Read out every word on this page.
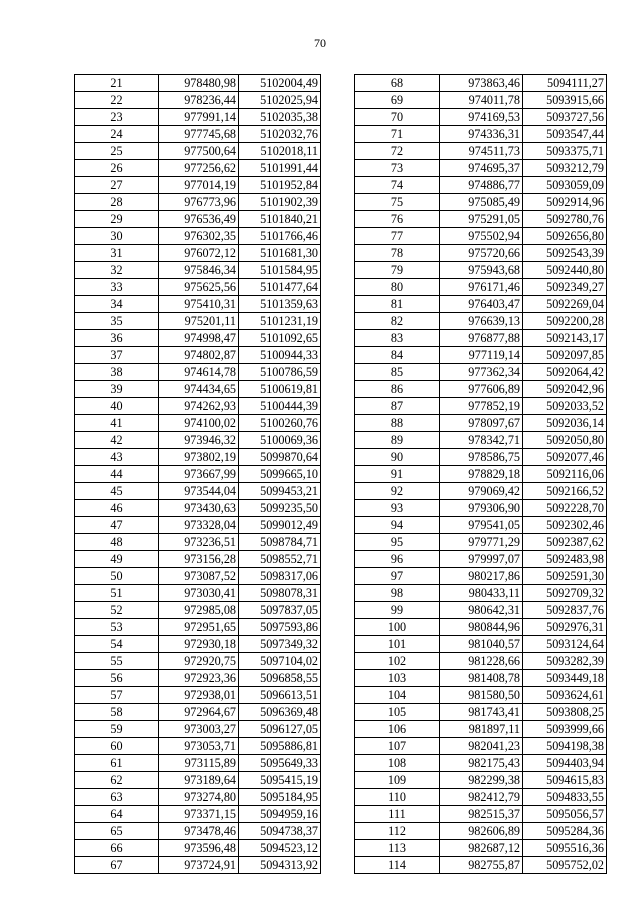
70
21	978480,98	5102004,49
22	978236,44	5102025,94
23	977991,14	5102035,38
24	977745,68	5102032,76
25	977500,64	5102018,11
26	977256,62	5101991,44
27	977014,19	5101952,84
28	976773,96	5101902,39
29	976536,49	5101840,21
30	976302,35	5101766,46
31	976072,12	5101681,30
32	975846,34	5101584,95
33	975625,56	5101477,64
34	975410,31	5101359,63
35	975201,11	5101231,19
36	974998,47	5101092,65
37	974802,87	5100944,33
38	974614,78	5100786,59
39	974434,65	5100619,81
40	974262,93	5100444,39
41	974100,02	5100260,76
42	973946,32	5100069,36
43	973802,19	5099870,64
44	973667,99	5099665,10
45	973544,04	5099453,21
46	973430,63	5099235,50
47	973328,04	5099012,49
48	973236,51	5098784,71
49	973156,28	5098552,71
50	973087,52	5098317,06
51	973030,41	5098078,31
52	972985,08	5097837,05
53	972951,65	5097593,86
54	972930,18	5097349,32
55	972920,75	5097104,02
56	972923,36	5096858,55
57	972938,01	5096613,51
58	972964,67	5096369,48
59	973003,27	5096127,05
60	973053,71	5095886,81
61	973115,89	5095649,33
62	973189,64	5095415,19
63	973274,80	5095184,95
64	973371,15	5094959,16
65	973478,46	5094738,37
66	973596,48	5094523,12
67	973724,91	5094313,92
68	973863,46	5094111,27
69	974011,78	5093915,66
70	974169,53	5093727,56
71	974336,31	5093547,44
72	974511,73	5093375,71
73	974695,37	5093212,79
74	974886,77	5093059,09
75	975085,49	5092914,96
76	975291,05	5092780,76
77	975502,94	5092656,80
78	975720,66	5092543,39
79	975943,68	5092440,80
80	976171,46	5092349,27
81	976403,47	5092269,04
82	976639,13	5092200,28
83	976877,88	5092143,17
84	977119,14	5092097,85
85	977362,34	5092064,42
86	977606,89	5092042,96
87	977852,19	5092033,52
88	978097,67	5092036,14
89	978342,71	5092050,80
90	978586,75	5092077,46
91	978829,18	5092116,06
92	979069,42	5092166,52
93	979306,90	5092228,70
94	979541,05	5092302,46
95	979771,29	5092387,62
96	979997,07	5092483,98
97	980217,86	5092591,30
98	980433,11	5092709,32
99	980642,31	5092837,76
100	980844,96	5092976,31
101	981040,57	5093124,64
102	981228,66	5093282,39
103	981408,78	5093449,18
104	981580,50	5093624,61
105	981743,41	5093808,25
106	981897,11	5093999,66
107	982041,23	5094198,38
108	982175,43	5094403,94
109	982299,38	5094615,83
110	982412,79	5094833,55
111	982515,37	5095056,57
112	982606,89	5095284,36
113	982687,12	5095516,36
114	982755,87	5095752,02
